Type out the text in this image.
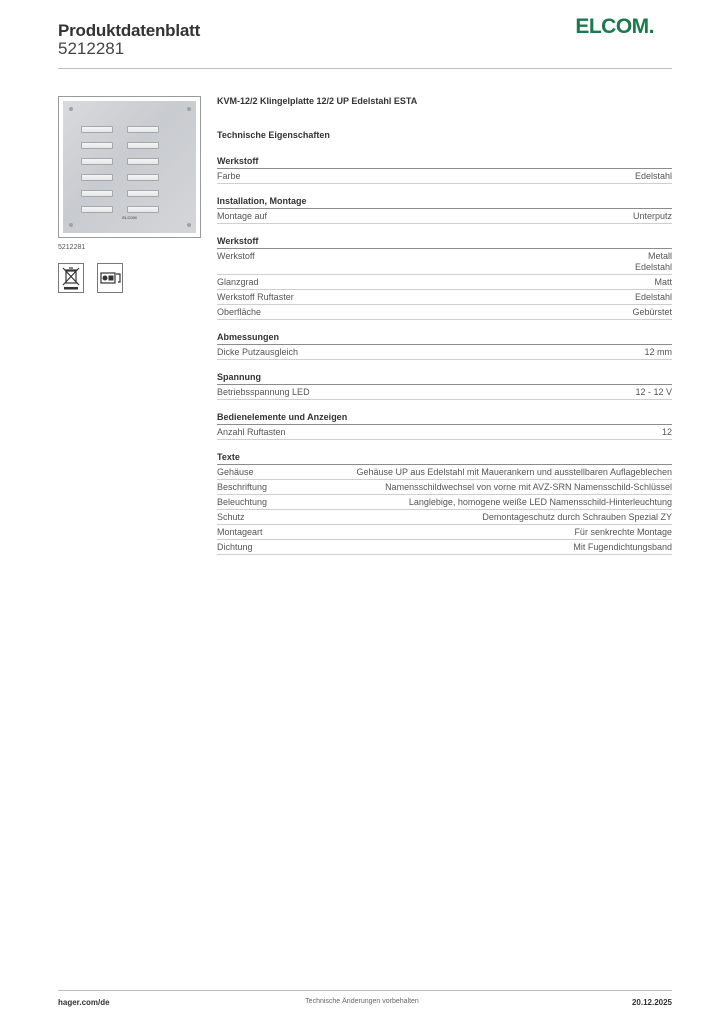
Produktdatenblatt
5212281
ELCOM.
ELCOM
5212281
KVM-12/2 Klingelplatte 12/2 UP Edelstahl ESTA
Technische Eigenschaften
Werkstoff
Farbe	Edelstahl
Installation, Montage
Montage auf	Unterputz
Werkstoff
Werkstoff	Metall
Edelstahl
Glanzgrad	Matt
Werkstoff Ruftaster	Edelstahl
Oberfläche	Gebürstet
Abmessungen
Dicke Putzausgleich	12 mm
Spannung
Betriebsspannung LED	12 - 12 V
Bedienelemente und Anzeigen
Anzahl Ruftasten	12
Texte
Gehäuse	Gehäuse UP aus Edelstahl mit Mauerankern und ausstellbaren Auflageblechen
Beschriftung	Namensschildwechsel von vorne mit AVZ-SRN Namensschild-Schlüssel
Beleuchtung	Langlebige, homogene weiße LED Namensschild-Hinterleuchtung
Schutz	Demontageschutz durch Schrauben Spezial ZY
Montageart	Für senkrechte Montage
Dichtung	Mit Fugendichtungsband
hager.com/de	Technische Änderungen vorbehalten	20.12.2025
